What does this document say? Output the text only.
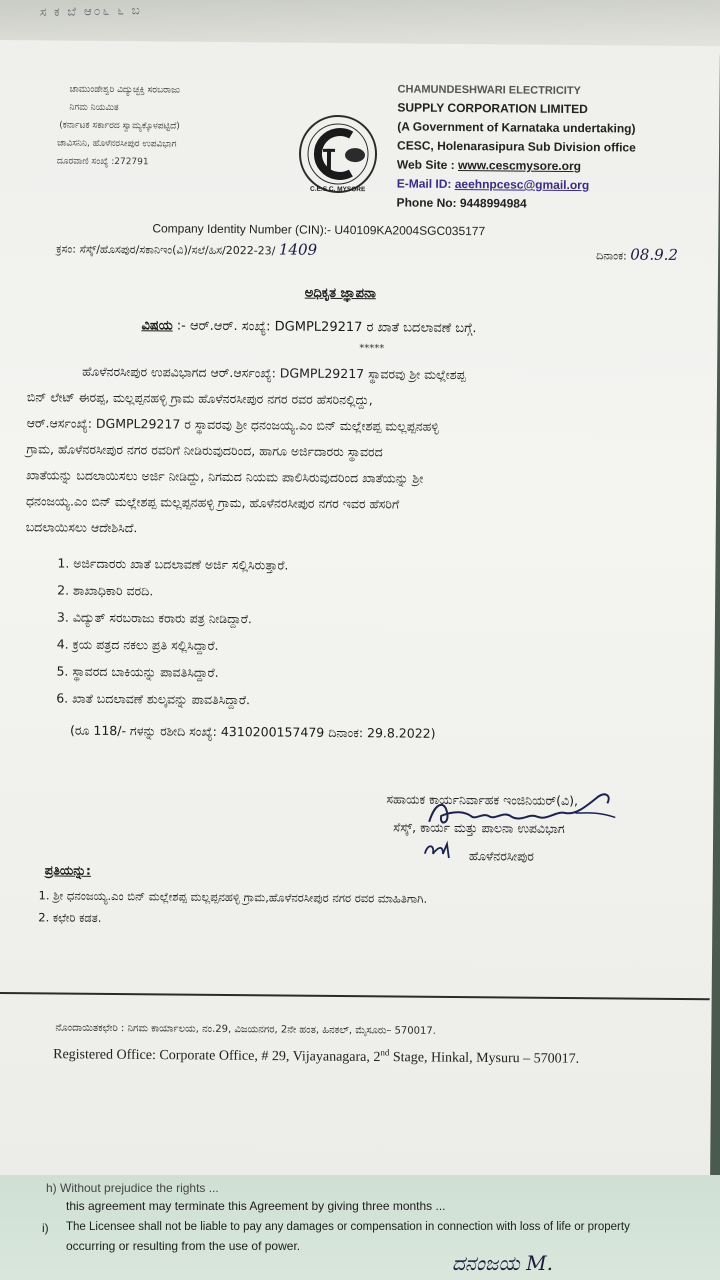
ಸ ಕ ಬೆ ಆ೦೬ ೬ ಬ
ಚಾಮುಂಡೇಶ್ವರಿ ವಿದ್ಯುಚ್ಛಕ್ತಿ ಸರಬರಾಜು
ನಿಗಮ ನಿಯಮಿತ
(ಕರ್ನಾಟಕ ಸರ್ಕಾರದ ಸ್ವಾಮ್ಯಕ್ಕೊಳಪಟ್ಟಿದೆ)
ಚಾವಿಸನಿನಿ, ಹೊಳೆನರಸೀಪುರ ಉಪವಿಭಾಗ
ದೂರವಾಣಿ ಸಂಖ್ಯೆ :272791
C.E.S.C. MYSORE
CHAMUNDESHWARI ELECTRICITY
SUPPLY CORPORATION LIMITED
(A Government of Karnataka undertaking)
CESC, Holenarasipura Sub Division office
Web Site : www.cescmysore.org
E-Mail ID: aeehnpcesc@gmail.org
Phone No: 9448994984
Company Identity Number (CIN):- U40109KA2004SGC035177
ಕ್ರಸಂ: ಸೆಸ್ಕ್/ಹೊಸಪುರ/ಸಕಾನಿಇಂ(ವಿ)/ಸಲೆ/ಹಿಸ/2022-23/ 1409	ದಿನಾಂಕ: 08.9.2
ಅಧಿಕೃತ ಜ್ಞಾಪನಾ
ವಿಷಯ :- ಆರ್.ಆರ್. ಸಂಖ್ಯೆ: DGMPL29217 ರ ಖಾತೆ ಬದಲಾವಣೆ ಬಗ್ಗೆ.
*****
ಹೊಳೆನರಸೀಪುರ ಉಪವಿಭಾಗದ ಆರ್.ಆರ್ಸಂಖ್ಯೆ: DGMPL29217 ಸ್ಥಾವರವು ಶ್ರೀ ಮಲ್ಲೇಶಪ್ಪ
ಬಿನ್ ಲೇಟ್ ಈರಪ್ಪ, ಮಲ್ಲಪ್ಪನಹಳ್ಳಿ ಗ್ರಾಮ ಹೊಳೆನರಸೀಪುರ ನಗರ ರವರ ಹೆಸರಿನಲ್ಲಿದ್ದು,
ಆರ್.ಆರ್ಸಂಖ್ಯೆ: DGMPL29217 ರ ಸ್ಥಾವರವು ಶ್ರೀ ಧನಂಜಯ್ಯ.ಎಂ ಬಿನ್ ಮಲ್ಲೇಶಪ್ಪ ಮಲ್ಲಪ್ಪನಹಳ್ಳಿ
ಗ್ರಾಮ, ಹೊಳೆನರಸೀಪುರ ನಗರ ರವರಿಗೆ ನೀಡಿರುವುದರಿಂದ, ಹಾಗೂ ಅರ್ಜಿದಾರರು ಸ್ಥಾವರದ
ಖಾತೆಯನ್ನು ಬದಲಾಯಿಸಲು ಅರ್ಜಿ ನೀಡಿದ್ದು, ನಿಗಮದ ನಿಯಮ ಪಾಲಿಸಿರುವುದರಿಂದ ಖಾತೆಯನ್ನು ಶ್ರೀ
ಧನಂಜಯ್ಯ.ಎಂ ಬಿನ್ ಮಲ್ಲೇಶಪ್ಪ ಮಲ್ಲಪ್ಪನಹಳ್ಳಿ ಗ್ರಾಮ, ಹೊಳೆನರಸೀಪುರ ನಗರ ಇವರ ಹೆಸರಿಗೆ
ಬದಲಾಯಿಸಲು ಆದೇಶಿಸಿದೆ.
1. ಅರ್ಜಿದಾರರು ಖಾತೆ ಬದಲಾವಣೆ ಅರ್ಜಿ ಸಲ್ಲಿಸಿರುತ್ತಾರೆ.
2. ಶಾಖಾಧಿಕಾರಿ ವರದಿ.
3. ವಿದ್ಯುತ್ ಸರಬರಾಜು ಕರಾರು ಪತ್ರ ನೀಡಿದ್ದಾರೆ.
4. ಕ್ರಯ ಪತ್ರದ ನಕಲು ಪ್ರತಿ ಸಲ್ಲಿಸಿದ್ದಾರೆ.
5. ಸ್ಥಾವರದ ಬಾಕಿಯನ್ನು ಪಾವತಿಸಿದ್ದಾರೆ.
6. ಖಾತೆ ಬದಲಾವಣೆ ಶುಲ್ಕವನ್ನು ಪಾವತಿಸಿದ್ದಾರೆ.
(ರೂ 118/- ಗಳನ್ನು ರಶೀದಿ ಸಂಖ್ಯೆ: 4310200157479 ದಿನಾಂಕ: 29.8.2022)
ಸಹಾಯಕ ಕಾರ್ಯನಿರ್ವಾಹಕ ಇಂಜಿನಿಯರ್(ವಿ),
ಸೆಸ್ಕ್, ಕಾರ್ಯ ಮತ್ತು ಪಾಲನಾ ಉಪವಿಭಾಗ
ಹೊಳೆನರಸೀಪುರ
ಪ್ರತಿಯನ್ನು:
1. ಶ್ರೀ ಧನಂಜಯ್ಯ.ಎಂ ಬಿನ್ ಮಲ್ಲೇಶಪ್ಪ ಮಲ್ಲಪ್ಪನಹಳ್ಳಿ ಗ್ರಾಮ,ಹೊಳೆನರಸೀಪುರ ನಗರ ರವರ ಮಾಹಿತಿಗಾಗಿ.
2. ಕಛೇರಿ ಕಡತ.
ನೊಂದಾಯಿತಕಛೇರಿ : ನಿಗಮ ಕಾರ್ಯಾಲಯ, ನಂ.29, ವಿಜಯನಗರ, 2ನೇ ಹಂತ, ಹಿನಕಲ್, ಮೈಸೂರು– 570017.
Registered Office: Corporate Office, # 29, Vijayanagara, 2nd Stage, Hinkal, Mysuru – 570017.
h) Without prejudice the rights ...
this agreement may terminate this Agreement by giving three months ...
i) The Licensee shall not be liable to pay any damages or compensation in connection with loss of life or property
occurring or resulting from the use of power.
ದನಂಜಯ M.
